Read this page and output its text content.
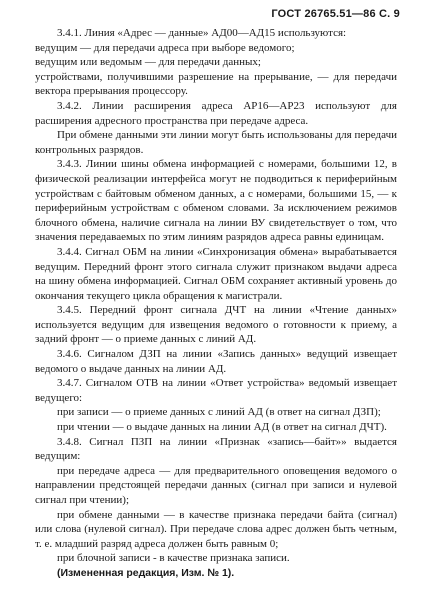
ГОСТ 26765.51—86 С. 9

3.4.1. Линия «Адрес — данные» АД00—АД15 используются:

ведущим — для передачи адреса при выборе ведомого;

ведущим или ведомым — для передачи данных;

устройствами, получившими разрешение на прерывание, — для передачи вектора прерывания процессору.

3.4.2. Линии расширения адреса АР16—АР23 используют для расширения адресного пространства при передаче адреса.

При обмене данными эти линии могут быть использованы для передачи контрольных разрядов.

3.4.3. Линии шины обмена информацией с номерами, большими 12, в физической реализации интерфейса могут не подводиться к периферийным устройствам с байтовым обменом данных, а с номерами, большими 15, — к периферийным устройствам с обменом словами. За исключением режимов блочного обмена, наличие сигнала на линии ВУ свидетельствует о том, что значения передаваемых по этим линиям разрядов адреса равны единицам.

3.4.4. Сигнал ОБМ на линии «Синхронизация обмена» вырабатывается ведущим. Передний фронт этого сигнала служит признаком выдачи адреса на шину обмена информацией. Сигнал ОБМ сохраняет активный уровень до окончания текущего цикла обращения к магистрали.

3.4.5. Передний фронт сигнала ДЧТ на линии «Чтение данных» используется ведущим для извещения ведомого о готовности к приему, а задний фронт — о приеме данных с линий АД.

3.4.6. Сигналом ДЗП на линии «Запись данных» ведущий извещает ведомого о выдаче данных на линии АД.

3.4.7. Сигналом ОТВ на линии «Ответ устройства» ведомый извещает ведущего:

при записи — о приеме данных с линий АД (в ответ на сигнал ДЗП);

при чтении — о выдаче данных на линии АД (в ответ на сигнал ДЧТ).

3.4.8. Сигнал ПЗП на линии «Признак «запись—байт»» выдается ведущим:

при передаче адреса — для предварительного оповещения ведомого о направлении предстоящей передачи данных (сигнал при записи и нулевой сигнал при чтении);

при обмене данными — в качестве признака передачи байта (сигнал) или слова (нулевой сигнал). При передаче слова адрес должен быть четным, т. е. младший разряд адреса должен быть равным 0;

при блочной записи - в качестве признака записи.

(Измененная редакция, Изм. № 1).
